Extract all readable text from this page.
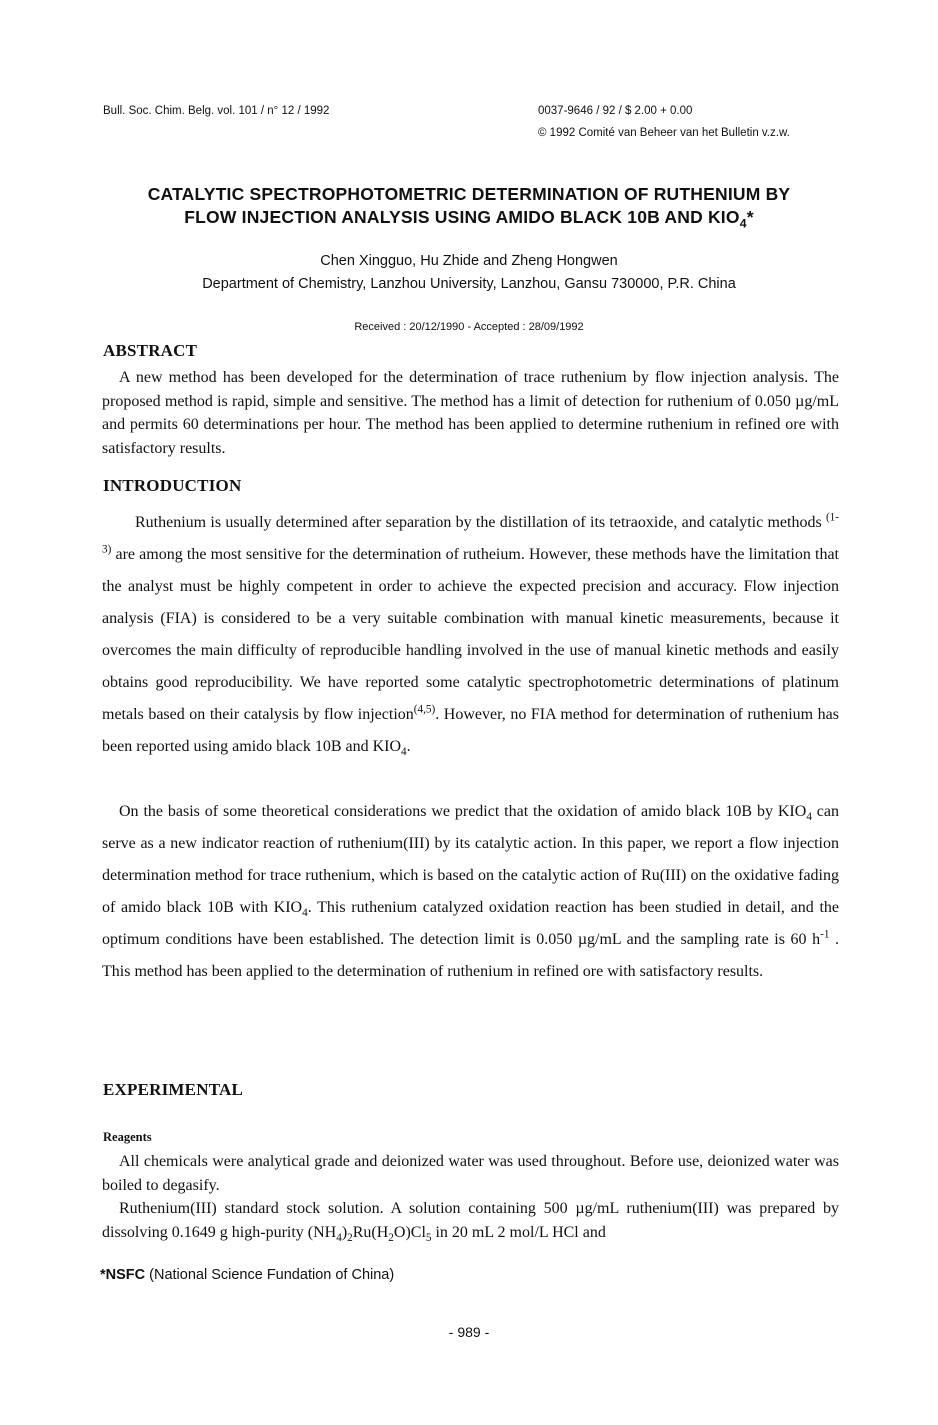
Bull. Soc. Chim. Belg. vol. 101 / n° 12 / 1992	0037-9646 / 92 / $ 2.00 + 0.00
© 1992 Comité van Beheer van het Bulletin v.z.w.
CATALYTIC SPECTROPHOTOMETRIC DETERMINATION OF RUTHENIUM BY
FLOW INJECTION ANALYSIS USING AMIDO BLACK 10B AND $KIO_4*$
Chen Xingguo, Hu Zhide and Zheng Hongwen
Department of Chemistry, Lanzhou University, Lanzhou, Gansu 730000, P.R. China
Received : 20/12/1990 - Accepted : 28/09/1992
ABSTRACT
A new method has been developed for the determination of trace ruthenium by flow injection analysis. The proposed method is rapid, simple and sensitive. The method has a limit of detection for ruthenium of 0.050 µg/mL and permits 60 determinations per hour. The method has been applied to determine ruthenium in refined ore with satisfactory results.
INTRODUCTION
Ruthenium is usually determined after separation by the distillation of its tetraoxide, and catalytic methods $^{(1-3)}$ are among the most sensitive for the determination of rutheium. However, these methods have the limitation that the analyst must be highly competent in order to achieve the expected precision and accuracy. Flow injection analysis (FIA) is considered to be a very suitable combination with manual kinetic measurements, because it overcomes the main difficulty of reproducible handling involved in the use of manual kinetic methods and easily obtains good reproducibility. We have reported some catalytic spectrophotometric determinations of platinum metals based on their catalysis by flow injection$^{(4,5)}$. However, no FIA method for determination of ruthenium has been reported using amido black 10B and $KIO_4$.
On the basis of some theoretical considerations we predict that the oxidation of amido black 10B by $KIO_4$ can serve as a new indicator reaction of ruthenium(III) by its catalytic action. In this paper, we report a flow injection determination method for trace ruthenium, which is based on the catalytic action of Ru(III) on the oxidative fading of amido black 10B with $KIO_4$. This ruthenium catalyzed oxidation reaction has been studied in detail, and the optimum conditions have been established. The detection limit is 0.050 µg/mL and the sampling rate is 60 $h^{-1}$ . This method has been applied to the determination of ruthenium in refined ore with satisfactory results.
EXPERIMENTAL
Reagents
All chemicals were analytical grade and deionized water was used throughout. Before use, deionized water was boiled to degasify.
Ruthenium(III) standard stock solution. A solution containing 500 µg/mL ruthenium(III) was prepared by dissolving 0.1649 g high-purity $(NH_4)_2Ru(H_2O)Cl_5$ in 20 mL 2 mol/L HCl and
*NSFC (National Science Fundation of China)
- 989 -
